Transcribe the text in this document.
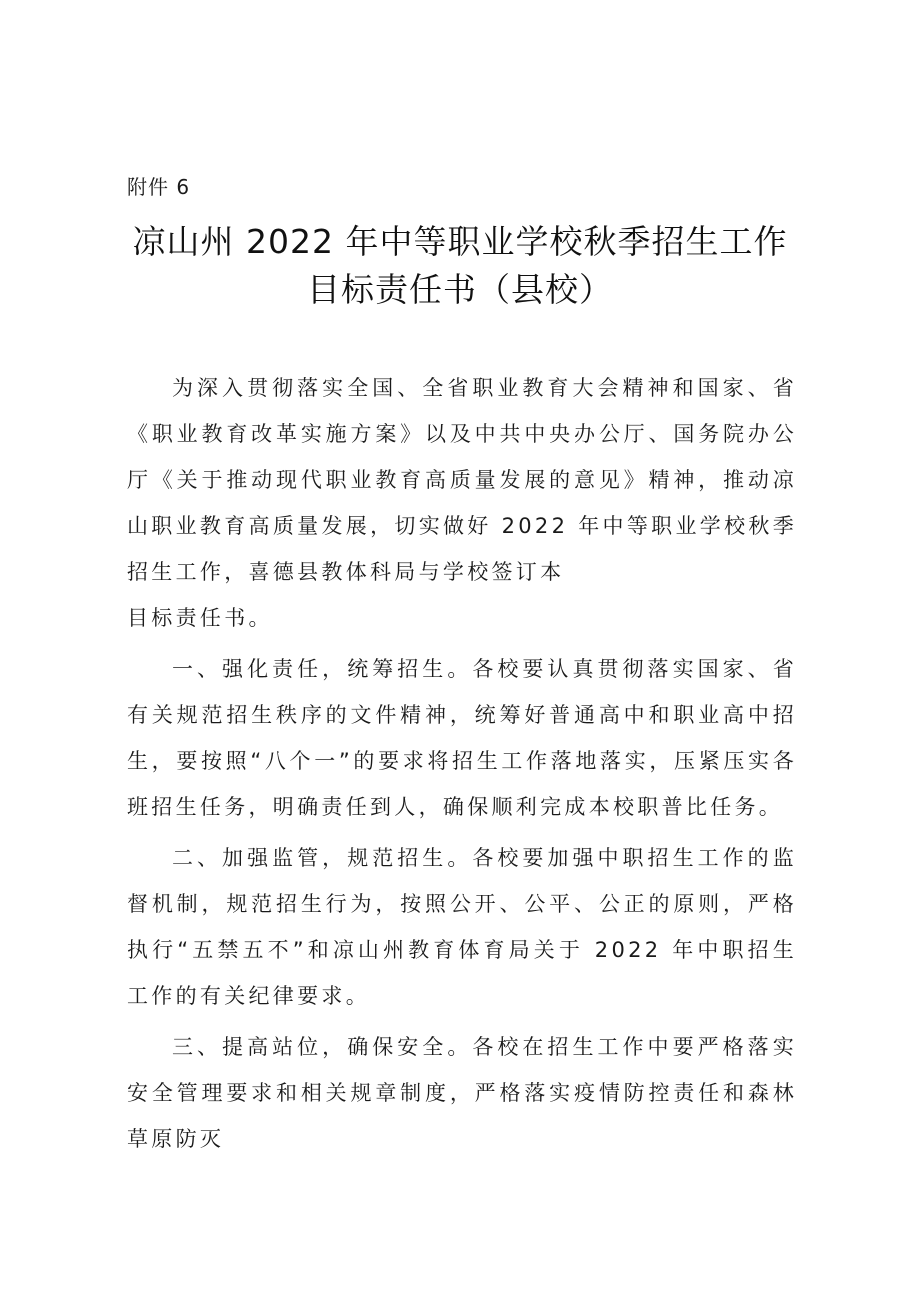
附件 6
凉山州 2022 年中等职业学校秋季招生工作
目标责任书（县校）

为深入贯彻落实全国、全省职业教育大会精神和国家、省《职业教育改革实施方案》以及中共中央办公厅、国务院办公厅《关于推动现代职业教育高质量发展的意见》精神，推动凉山职业教育高质量发展，切实做好 2022 年中等职业学校秋季招生工作，喜德县教体科局与学校签订本

目标责任书。

一、强化责任，统筹招生。各校要认真贯彻落实国家、省有关规范招生秩序的文件精神，统筹好普通高中和职业高中招生，要按照“八个一”的要求将招生工作落地落实，压紧压实各班招生任务，明确责任到人，确保顺利完成本校职普比任务。

二、加强监管，规范招生。各校要加强中职招生工作的监督机制，规范招生行为，按照公开、公平、公正的原则，严格执行“五禁五不”和凉山州教育体育局关于 2022 年中职招生工作的有关纪律要求。

三、提高站位，确保安全。各校在招生工作中要严格落实安全管理要求和相关规章制度，严格落实疫情防控责任和森林草原防灭
